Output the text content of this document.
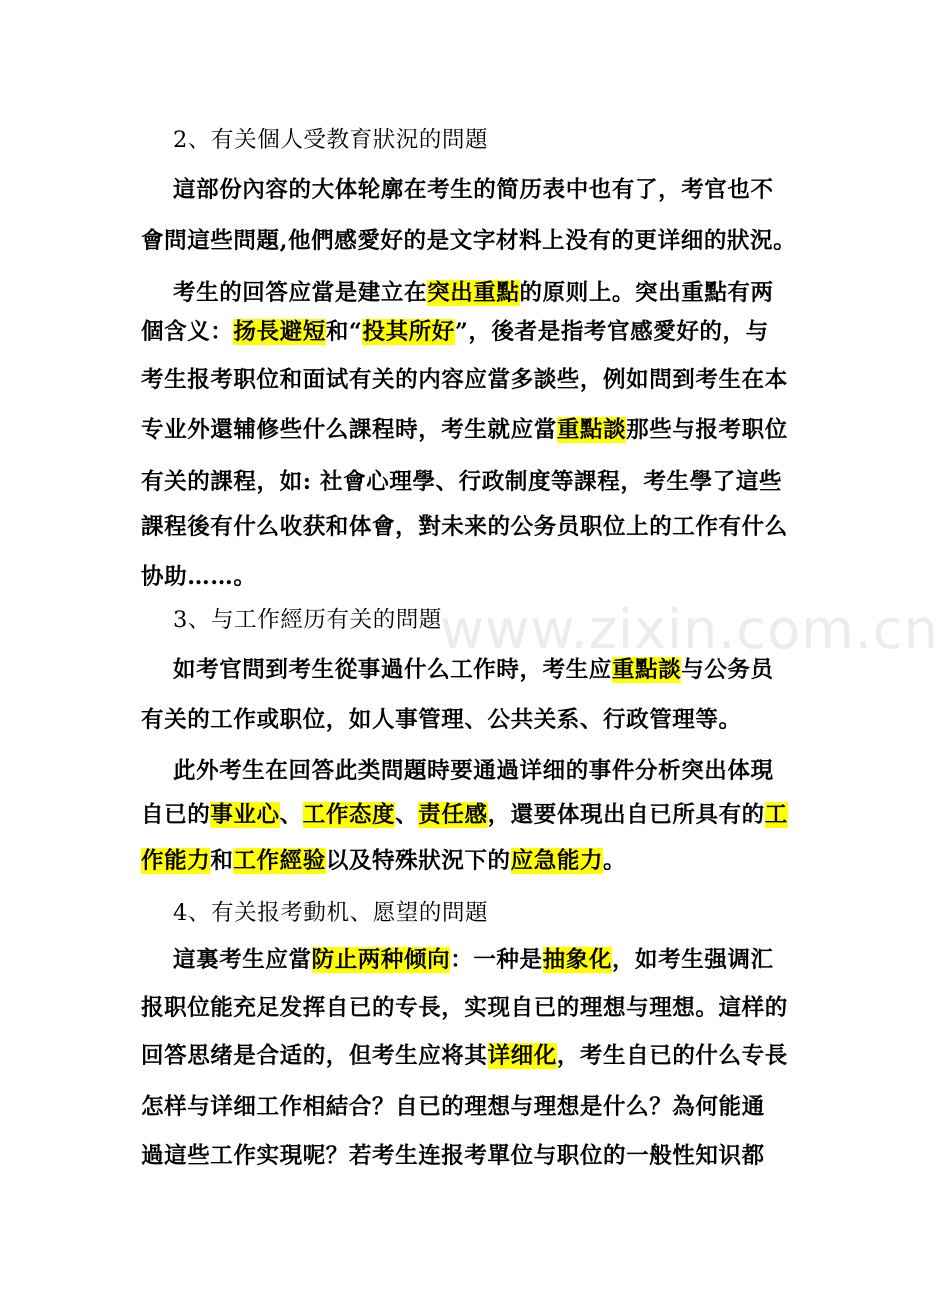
2、有关個人受教育狀況的問題
這部份內容的大体轮廓在考生的简历表中也有了，考官也不
會問這些問題,他們感愛好的是文字材料上没有的更详细的狀況。
考生的回答应當是建立在突出重點的原则上。突出重點有两
個含义：扬長避短和“投其所好”，後者是指考官感愛好的，与
考生报考职位和面试有关的内容应當多談些，例如問到考生在本
专业外還辅修些什么課程時，考生就应當重點談那些与报考职位
有关的課程，如: 社會心理學、行政制度等課程，考生學了這些
課程後有什么收获和体會，對未来的公务员职位上的工作有什么
协助……。
3、与工作經历有关的問題
如考官問到考生從事過什么工作時，考生应重點談与公务员
有关的工作或职位，如人事管理、公共关系、行政管理等。
此外考生在回答此类問題時要通過详细的事件分析突出体現
自已的事业心、工作态度、责任感，還要体現出自已所具有的工
作能力和工作經验以及特殊狀況下的应急能力。
4、有关报考動机、愿望的問題
這裏考生应當防止两种倾向：一种是抽象化，如考生强调汇
报职位能充足发挥自已的专長，实现自已的理想与理想。這样的
回答思绪是合适的，但考生应将其详细化，考生自已的什么专長
怎样与详细工作相結合？自已的理想与理想是什么？為何能通
過這些工作实現呢？若考生连报考單位与职位的一般性知识都
www.zixin.com.cn
